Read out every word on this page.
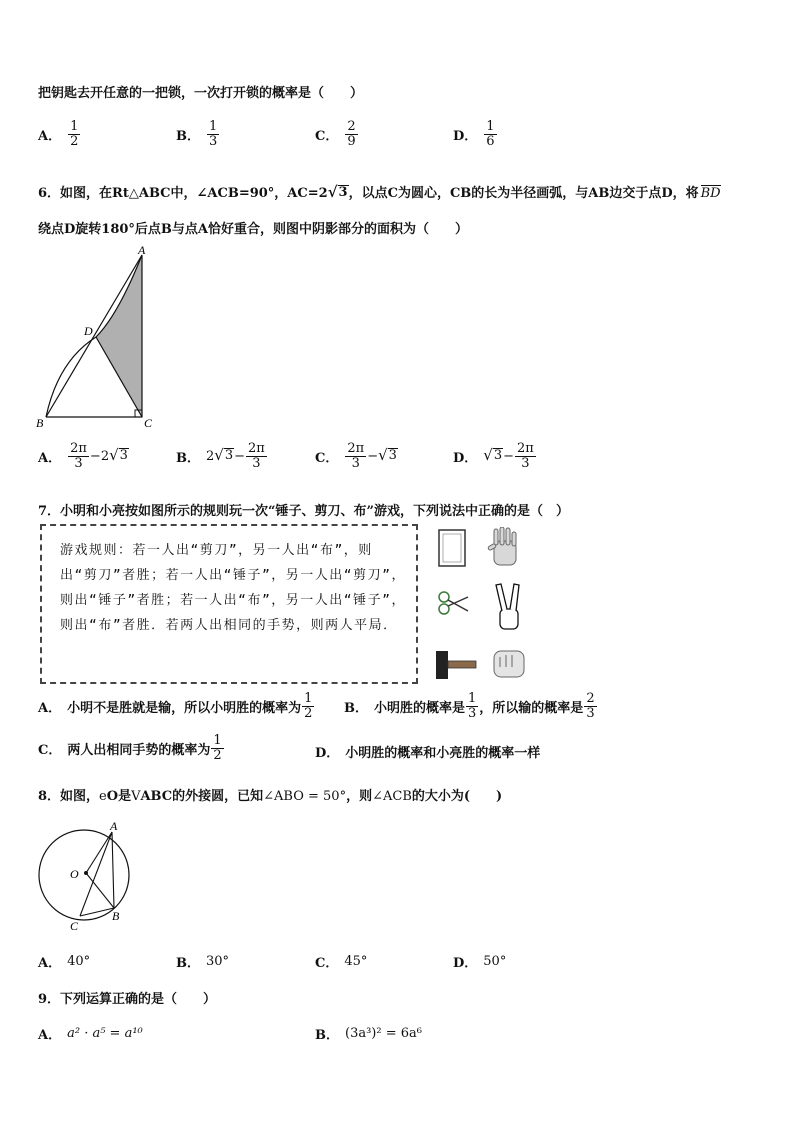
把钥匙去开任意的一把锁，一次打开锁的概率是（　　）
A． $\frac{1}{2}$	B． $\frac{1}{3}$	C． $\frac{2}{9}$	D． $\frac{1}{6}$
6．如图，在Rt△ABC中，∠ACB=90°，AC=2 √ 3 ，以点C为圆心，CB的长为半径画弧，与AB边交于点D，将 BD
绕点D旋转180°后点B与点A恰好重合，则图中阴影部分的面积为（　　）
A
D
B	C
A． $\frac{2\pi}{3} -2$ √ 3	B． 2 √ $3 - \frac{2\pi}{3}$	C． $\frac{2\pi}{3}$ − √ 3	D． √ $3 - \frac{2\pi}{3}$
7．小明和小亮按如图所示的规则玩一次“锤子、剪刀、布”游戏，下列说法中正确的是（　）
游戏规则：若一人出“剪刀”，另一人出“布”，则出“剪刀”者胜；若一人出“锤子”，另一人出“剪刀”，则出“锤子”者胜；若一人出“布”，另一人出“锤子”，则出“布”者胜．若两人出相同的手势，则两人平局．
A． 小明不是胜就是输，所以小明胜的概率为 $\frac{1}{2}$ B． 小明胜的概率是 $\frac{1}{3}$ ，所以输的概率是 $\frac{2}{3}$
C． 两人出相同手势的概率为 $\frac{1}{2}$	D． 小明胜的概率和小亮胜的概率一样
8．如图，eO是VABC的外接圆，已知∠ABO = 50°，则∠ACB的大小为(　　)
A
O
C
B
A． 40°	B． 30°	C． 45°	D． 50°
9．下列运算正确的是（　　）
A． a² · a⁵ = a¹⁰	B． (3a³)² = 6a⁶
